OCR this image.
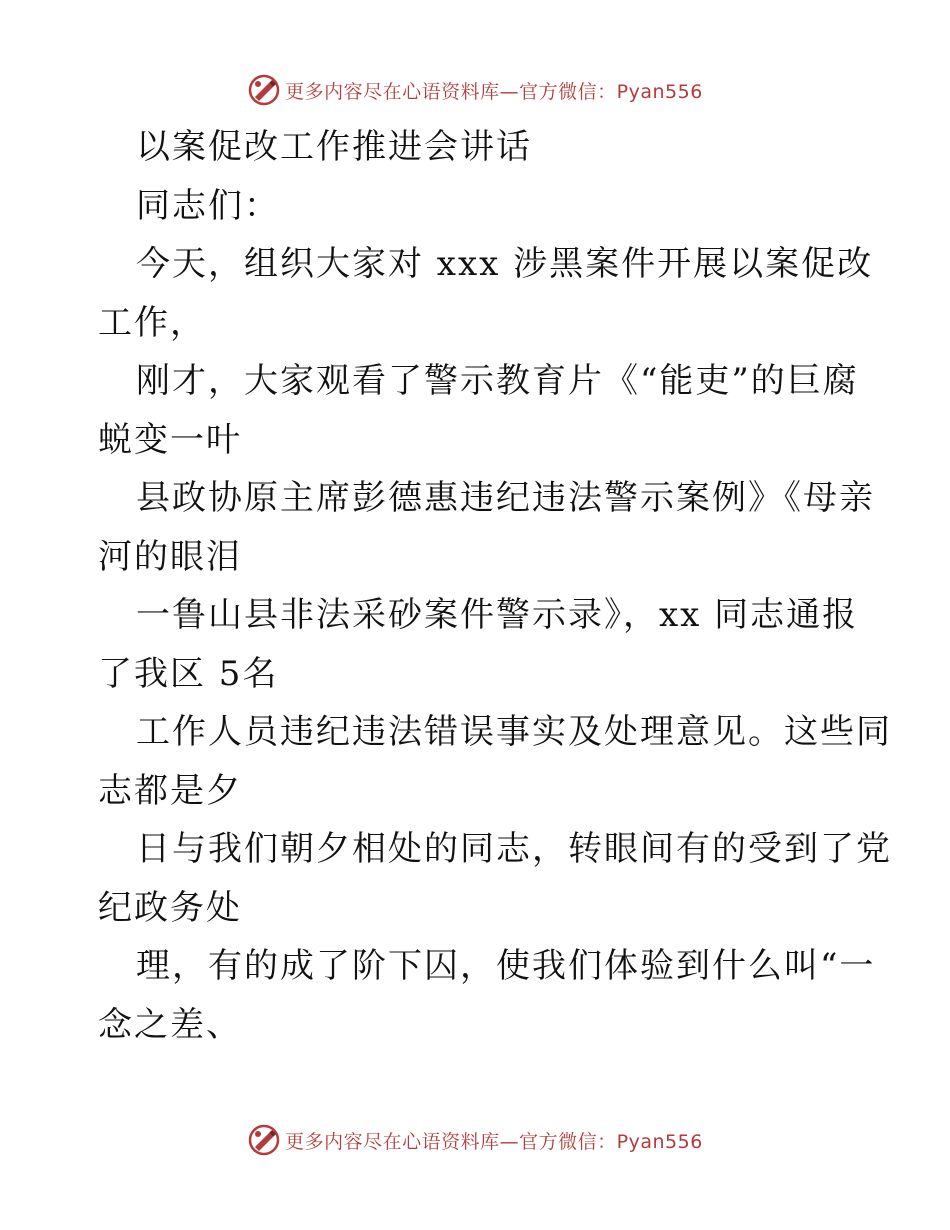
更多内容尽在心语资料库—官方微信：Pyan556
以案促改工作推进会讲话
同志们：
今天，组织大家对 xxx 涉黑案件开展以案促改
工作，
刚才，大家观看了警示教育片《“能吏”的巨腐
蜕变一叶
县政协原主席彭德惠违纪违法警示案例》《母亲
河的眼泪
一鲁山县非法采砂案件警示录》，xx 同志通报
了我区 5名
工作人员违纪违法错误事实及处理意见。这些同
志都是夕
日与我们朝夕相处的同志，转眼间有的受到了党
纪政务处
理，有的成了阶下囚，使我们体验到什么叫“一
念之差、
更多内容尽在心语资料库—官方微信：Pyan556
